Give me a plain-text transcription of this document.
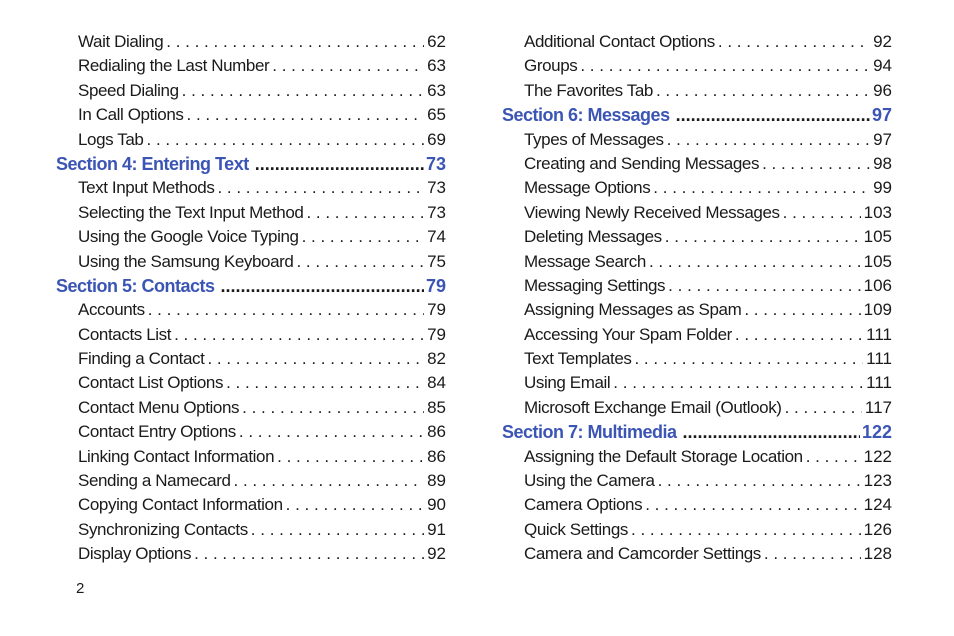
Wait Dialing . . .	62
Redialing the Last Number . . .	63
Speed Dialing . . .	63
In Call Options . . .	65
Logs Tab . . .	69
Section 4: Entering Text .....	73
Text Input Methods . . .	73
Selecting the Text Input Method . . .	73
Using the Google Voice Typing . . .	74
Using the Samsung Keyboard . . .	75
Section 5: Contacts .....	79
Accounts . . .	79
Contacts List . . .	79
Finding a Contact . . .	82
Contact List Options . . .	84
Contact Menu Options . . .	85
Contact Entry Options . . .	86
Linking Contact Information . . .	86
Sending a Namecard . . .	89
Copying Contact Information . . .	90
Synchronizing Contacts . . .	91
Display Options . . .	92
Additional Contact Options . . .	92
Groups . . .	94
The Favorites Tab . . .	96
Section 6: Messages .....	97
Types of Messages . . .	97
Creating and Sending Messages . . .	98
Message Options . . .	99
Viewing Newly Received Messages . . .	103
Deleting Messages . . .	105
Message Search . . .	105
Messaging Settings . . .	106
Assigning Messages as Spam . . .	109
Accessing Your Spam Folder . . .	111
Text Templates . . .	111
Using Email . . .	111
Microsoft Exchange Email (Outlook) . . .	117
Section 7: Multimedia .....	122
Assigning the Default Storage Location . . .	122
Using the Camera . . .	123
Camera Options . . .	124
Quick Settings . . .	126
Camera and Camcorder Settings . . .	128
2
